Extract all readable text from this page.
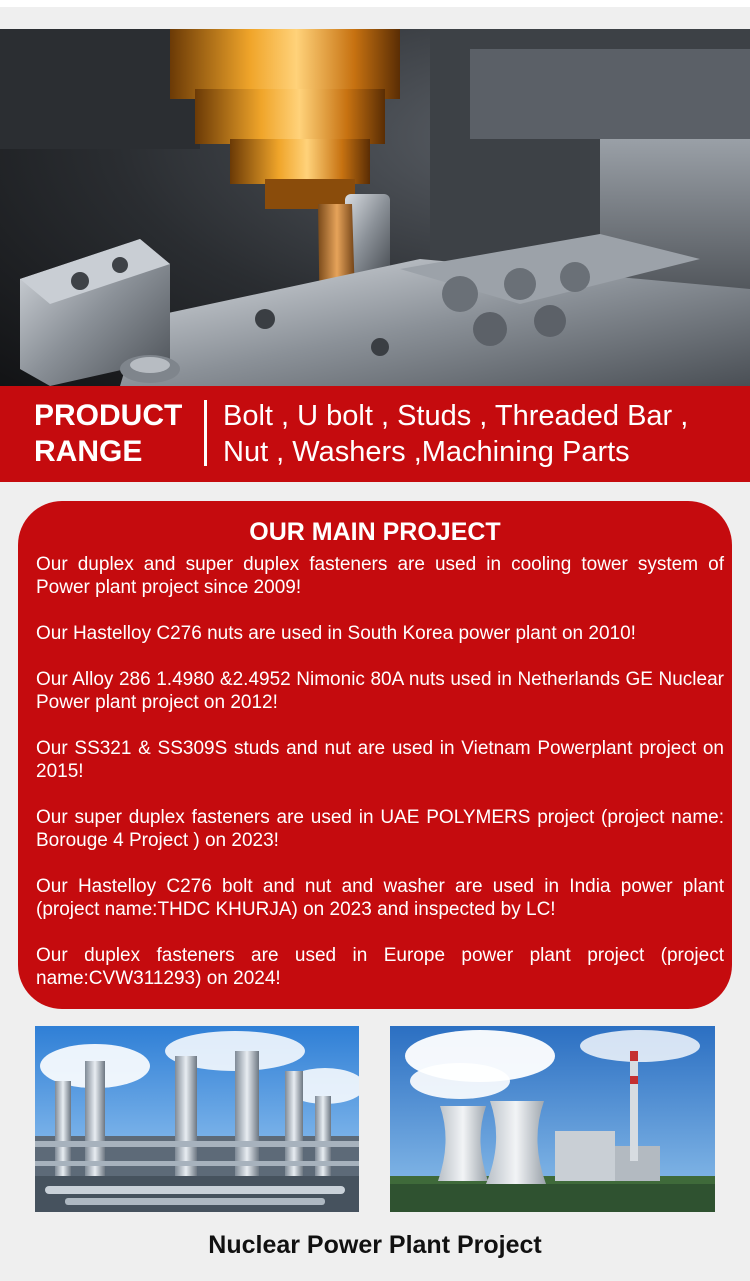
PRODUCT
RANGE
Bolt , U bolt , Studs , Threaded Bar ,
Nut , Washers ,Machining Parts
OUR MAIN PROJECT
Our duplex and super duplex fasteners are used in cooling tower system of Power plant project since 2009!
Our Hastelloy C276 nuts are used in South Korea power plant on 2010!
Our Alloy 286 1.4980 &2.4952 Nimonic 80A nuts used in Netherlands GE Nuclear Power plant project on 2012!
Our SS321 & SS309S studs and nut are used in Vietnam Powerplant project on 2015!
Our super duplex fasteners are used in UAE POLYMERS project (project name: Borouge 4 Project ) on 2023!
Our Hastelloy C276 bolt and nut and washer are used in India power plant (project name:THDC KHURJA) on 2023 and inspected by LC!
Our duplex fasteners are used in Europe power plant project (project name:CVW311293) on 2024!
Nuclear Power Plant Project
